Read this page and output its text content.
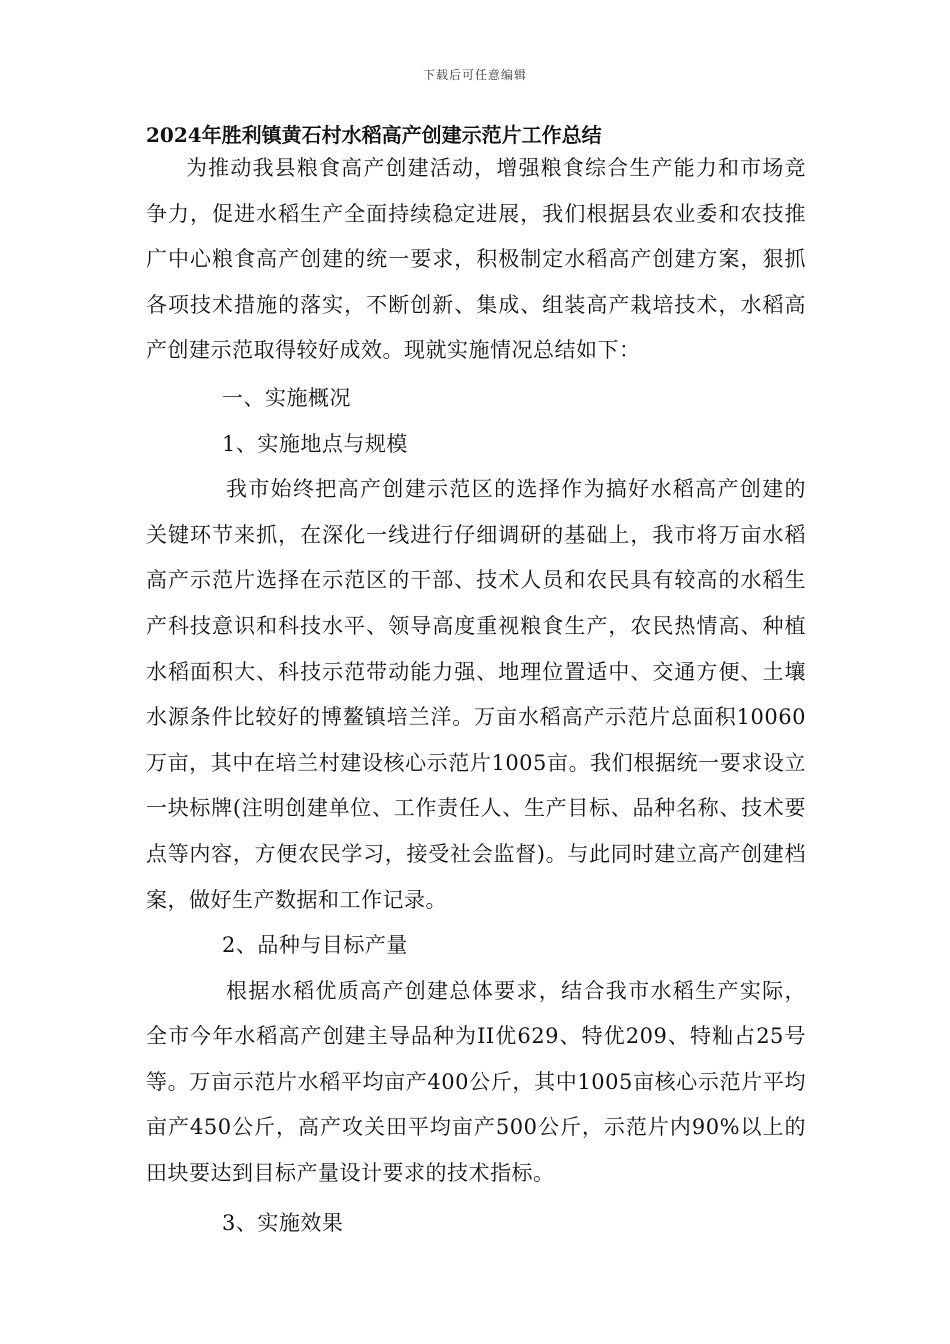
下载后可任意编辑
2024年胜利镇黄石村水稻高产创建示范片工作总结

为推动我县粮食高产创建活动，增强粮食综合生产能力和市场竞争力，促进水稻生产全面持续稳定进展，我们根据县农业委和农技推广中心粮食高产创建的统一要求，积极制定水稻高产创建方案，狠抓各项技术措施的落实，不断创新、集成、组装高产栽培技术，水稻高产创建示范取得较好成效。现就实施情况总结如下：

一、实施概况

1、实施地点与规模

我市始终把高产创建示范区的选择作为搞好水稻高产创建的关键环节来抓，在深化一线进行仔细调研的基础上，我市将万亩水稻高产示范片选择在示范区的干部、技术人员和农民具有较高的水稻生产科技意识和科技水平、领导高度重视粮食生产，农民热情高、种植水稻面积大、科技示范带动能力强、地理位置适中、交通方便、土壤水源条件比较好的博鳌镇培兰洋。万亩水稻高产示范片总面积10060万亩，其中在培兰村建设核心示范片1005亩。我们根据统一要求设立一块标牌(注明创建单位、工作责任人、生产目标、品种名称、技术要点等内容，方便农民学习，接受社会监督)。与此同时建立高产创建档案，做好生产数据和工作记录。

2、品种与目标产量

根据水稻优质高产创建总体要求，结合我市水稻生产实际，全市今年水稻高产创建主导品种为II优629、特优209、特籼占25号等。万亩示范片水稻平均亩产400公斤，其中1005亩核心示范片平均亩产450公斤，高产攻关田平均亩产500公斤，示范片内90%以上的田块要达到目标产量设计要求的技术指标。

3、实施效果
